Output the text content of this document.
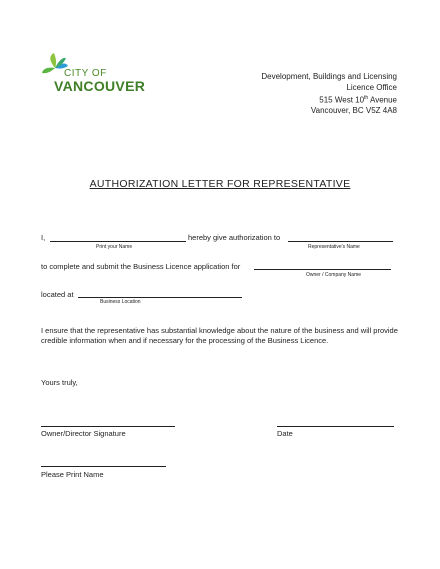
CITY OF
VANCOUVER
Development, Buildings and Licensing
Licence Office
515 West 10th Avenue
Vancouver, BC V5Z 4A8
AUTHORIZATION LETTER FOR REPRESENTATIVE
I,
Print your Name
hereby give authorization to
Representative's Name
to complete and submit the Business Licence application for
Owner / Company Name
located at
Business Location
I ensure that the representative has substantial knowledge about the nature of the business and will provide credible information when and if necessary for the processing of the Business Licence.
Yours truly,
Owner/Director Signature	Date
Please Print Name
